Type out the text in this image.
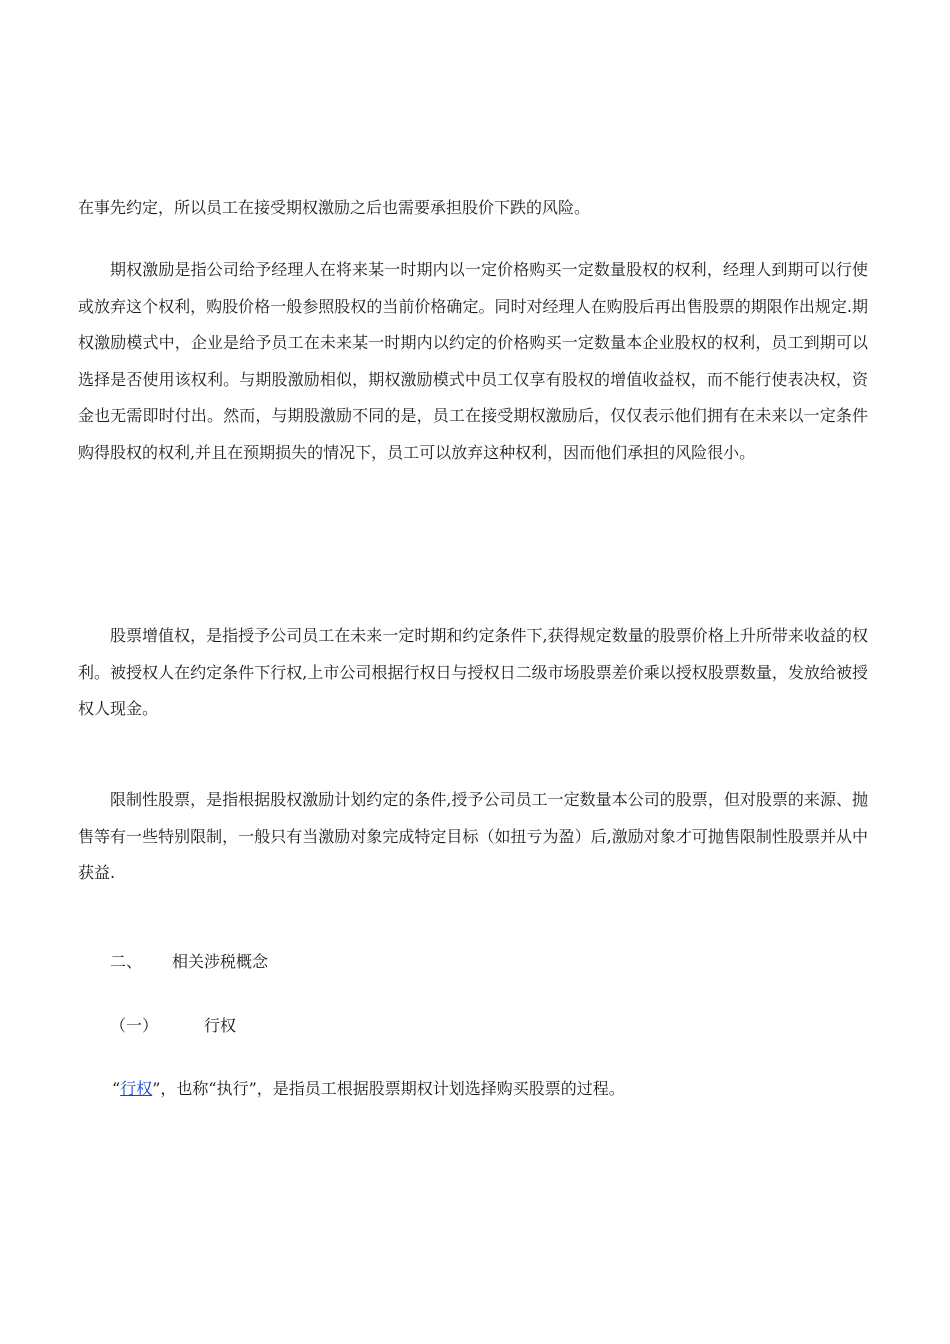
在事先约定，所以员工在接受期权激励之后也需要承担股价下跌的风险。

期权激励是指公司给予经理人在将来某一时期内以一定价格购买一定数量股权的权利，经理人到期可以行使或放弃这个权利，购股价格一般参照股权的当前价格确定。同时对经理人在购股后再出售股票的期限作出规定.期权激励模式中，企业是给予员工在未来某一时期内以约定的价格购买一定数量本企业股权的权利，员工到期可以选择是否使用该权利。与期股激励相似，期权激励模式中员工仅享有股权的增值收益权，而不能行使表决权，资金也无需即时付出。然而，与期股激励不同的是，员工在接受期权激励后，仅仅表示他们拥有在未来以一定条件购得股权的权利,并且在预期损失的情况下，员工可以放弃这种权利，因而他们承担的风险很小。

股票增值权，是指授予公司员工在未来一定时期和约定条件下,获得规定数量的股票价格上升所带来收益的权利。被授权人在约定条件下行权,上市公司根据行权日与授权日二级市场股票差价乘以授权股票数量，发放给被授权人现金。

限制性股票，是指根据股权激励计划约定的条件,授予公司员工一定数量本公司的股票，但对股票的来源、抛售等有一些特别限制，一般只有当激励对象完成特定目标（如扭亏为盈）后,激励对象才可抛售限制性股票并从中获益.

二、 相关涉税概念
（一）	行权
“行权”，也称“执行”，是指员工根据股票期权计划选择购买股票的过程。
